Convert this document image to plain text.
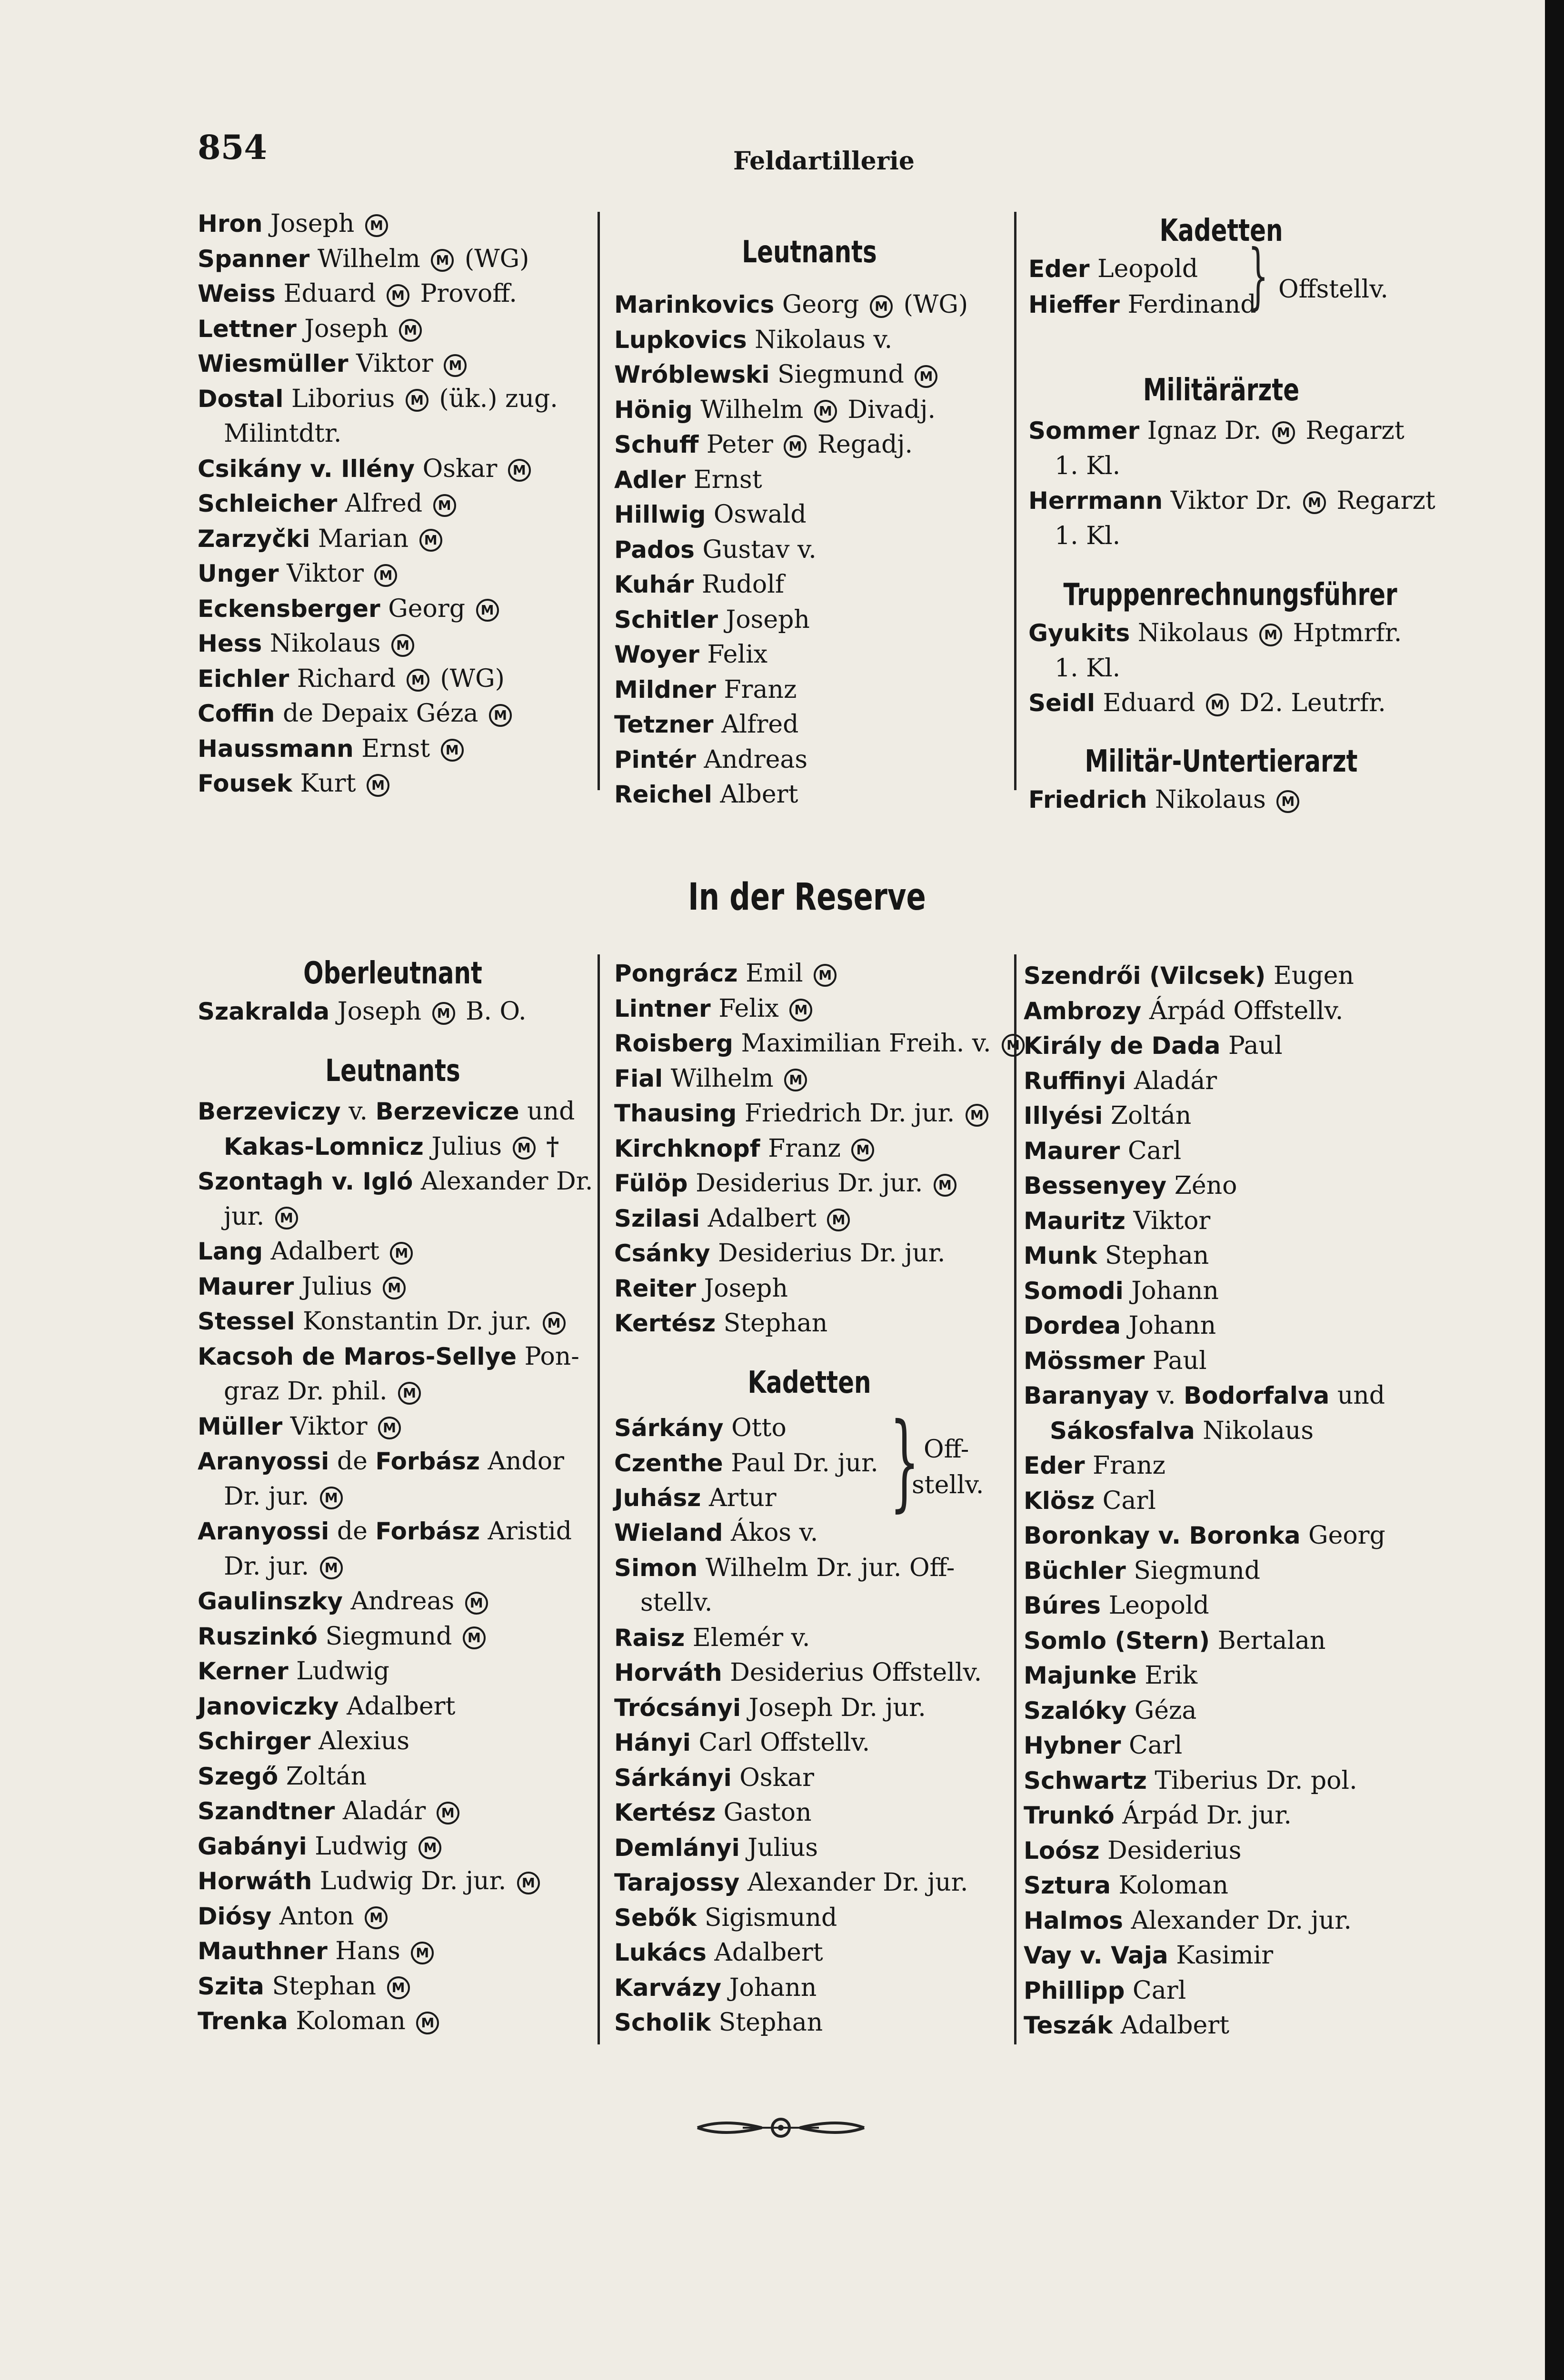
854	Feldartillerie
Leutnants
Kadetten
Militärärzte
Truppenrechnungsführer
Militär-Untertierarzt
In der Reserve
Oberleutnant
Leutnants
Kadetten
Hron Joseph M
Spanner Wilhelm M (WG)
Weiss Eduard M Provoff.
Lettner Joseph M
Wiesmüller Viktor M
Dostal Liborius M (ük.) zug.
Milintdtr.
Csikány v. Illény Oskar M
Schleicher Alfred M
Zarzyčki Marian M
Unger Viktor M
Eckensberger Georg M
Hess Nikolaus M
Eichler Richard M (WG)
Coffin de Depaix Géza M
Haussmann Ernst M
Fousek Kurt M
Marinkovics Georg M (WG)
Lupkovics Nikolaus v.
Wróblewski Siegmund M
Hönig Wilhelm M Divadj.
Schuff Peter M Regadj.
Adler Ernst
Hillwig Oswald
Pados Gustav v.
Kuhár Rudolf
Schitler Joseph
Woyer Felix
Mildner Franz
Tetzner Alfred
Pintér Andreas
Reichel Albert
Eder Leopold
Hieffer Ferdinand
Sommer Ignaz Dr. M Regarzt
1. Kl.
Herrmann Viktor Dr. M Regarzt
1. Kl.
Gyukits Nikolaus M Hptmrfr.
1. Kl.
Seidl Eduard M D2. Leutrfr.
Friedrich Nikolaus M
Szakralda Joseph M B. O.
Berzeviczy v. Berzevicze und
Kakas-Lomnicz Julius M †
Szontagh v. Igló Alexander Dr.
jur. M
Lang Adalbert M
Maurer Julius M
Stessel Konstantin Dr. jur. M
Kacsoh de Maros-Sellye Pon-
graz Dr. phil. M
Müller Viktor M
Aranyossi de Forbász Andor
Dr. jur. M
Aranyossi de Forbász Aristid
Dr. jur. M
Gaulinszky Andreas M
Ruszinkó Siegmund M
Kerner Ludwig
Janoviczky Adalbert
Schirger Alexius
Szegő Zoltán
Szandtner Aladár M
Gabányi Ludwig M
Horwáth Ludwig Dr. jur. M
Diósy Anton M
Mauthner Hans M
Szita Stephan M
Trenka Koloman M
Pongrácz Emil M
Lintner Felix M
Roisberg Maximilian Freih. v. M
Fial Wilhelm M
Thausing Friedrich Dr. jur. M
Kirchknopf Franz M
Fülöp Desiderius Dr. jur. M
Szilasi Adalbert M
Csánky Desiderius Dr. jur.
Reiter Joseph
Kertész Stephan
Sárkány Otto
Czenthe Paul Dr. jur.
Juhász Artur
Wieland Ákos v.
Simon Wilhelm Dr. jur. Off-
stellv.
Raisz Elemér v.
Horváth Desiderius Offstellv.
Trócsányi Joseph Dr. jur.
Hányi Carl Offstellv.
Sárkányi Oskar
Kertész Gaston
Demlányi Julius
Tarajossy Alexander Dr. jur.
Sebők Sigismund
Lukács Adalbert
Karvázy Johann
Scholik Stephan
Szendrői (Vilcsek) Eugen
Ambrozy Árpád Offstellv.
Király de Dada Paul
Ruffinyi Aladár
Illyési Zoltán
Maurer Carl
Bessenyey Zéno
Mauritz Viktor
Munk Stephan
Somodi Johann
Dordea Johann
Mössmer Paul
Baranyay v. Bodorfalva und
Sákosfalva Nikolaus
Eder Franz
Klösz Carl
Boronkay v. Boronka Georg
Büchler Siegmund
Búres Leopold
Somlo (Stern) Bertalan
Majunke Erik
Szalóky Géza
Hybner Carl
Schwartz Tiberius Dr. pol.
Trunkó Árpád Dr. jur.
Loósz Desiderius
Sztura Koloman
Halmos Alexander Dr. jur.
Vay v. Vaja Kasimir
Phillipp Carl
Teszák Adalbert
} Offstellv.
} Off-
stellv.
